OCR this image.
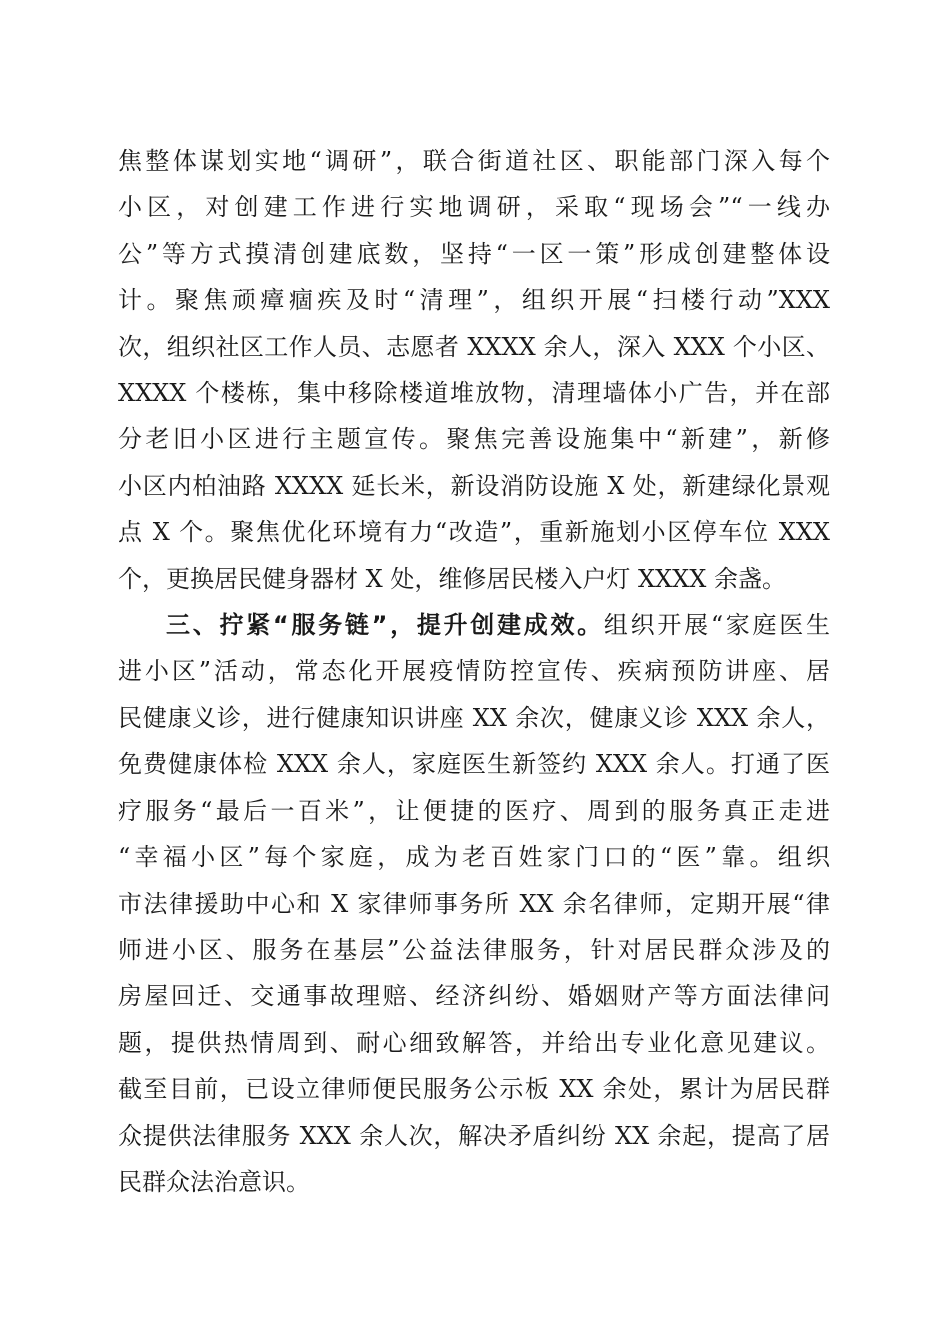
焦整体谋划实地“调研”，联合街道社区、职能部门深入每个
小区，对创建工作进行实地调研，采取“现场会”“一线办
公”等方式摸清创建底数，坚持“一区一策”形成创建整体设
计。聚焦顽瘴痼疾及时“清理”，组织开展“扫楼行动”XXX
次，组织社区工作人员、志愿者 XXXX 余人，深入 XXX 个小区、
XXXX 个楼栋，集中移除楼道堆放物，清理墙体小广告，并在部
分老旧小区进行主题宣传。聚焦完善设施集中“新建”，新修
小区内柏油路 XXXX 延长米，新设消防设施 X 处，新建绿化景观
点 X 个。聚焦优化环境有力“改造”，重新施划小区停车位 XXX
个，更换居民健身器材 X 处，维修居民楼入户灯 XXXX 余盏。
三、拧紧“服务链”，提升创建成效。组织开展“家庭医生
进小区”活动，常态化开展疫情防控宣传、疾病预防讲座、居
民健康义诊，进行健康知识讲座 XX 余次，健康义诊 XXX 余人，
免费健康体检 XXX 余人，家庭医生新签约 XXX 余人。打通了医
疗服务“最后一百米”，让便捷的医疗、周到的服务真正走进
“幸福小区”每个家庭，成为老百姓家门口的“医”靠。组织
市法律援助中心和 X 家律师事务所 XX 余名律师，定期开展“律
师进小区、服务在基层”公益法律服务，针对居民群众涉及的
房屋回迁、交通事故理赔、经济纠纷、婚姻财产等方面法律问
题，提供热情周到、耐心细致解答，并给出专业化意见建议。
截至目前，已设立律师便民服务公示板 XX 余处，累计为居民群
众提供法律服务 XXX 余人次，解决矛盾纠纷 XX 余起，提高了居
民群众法治意识。
